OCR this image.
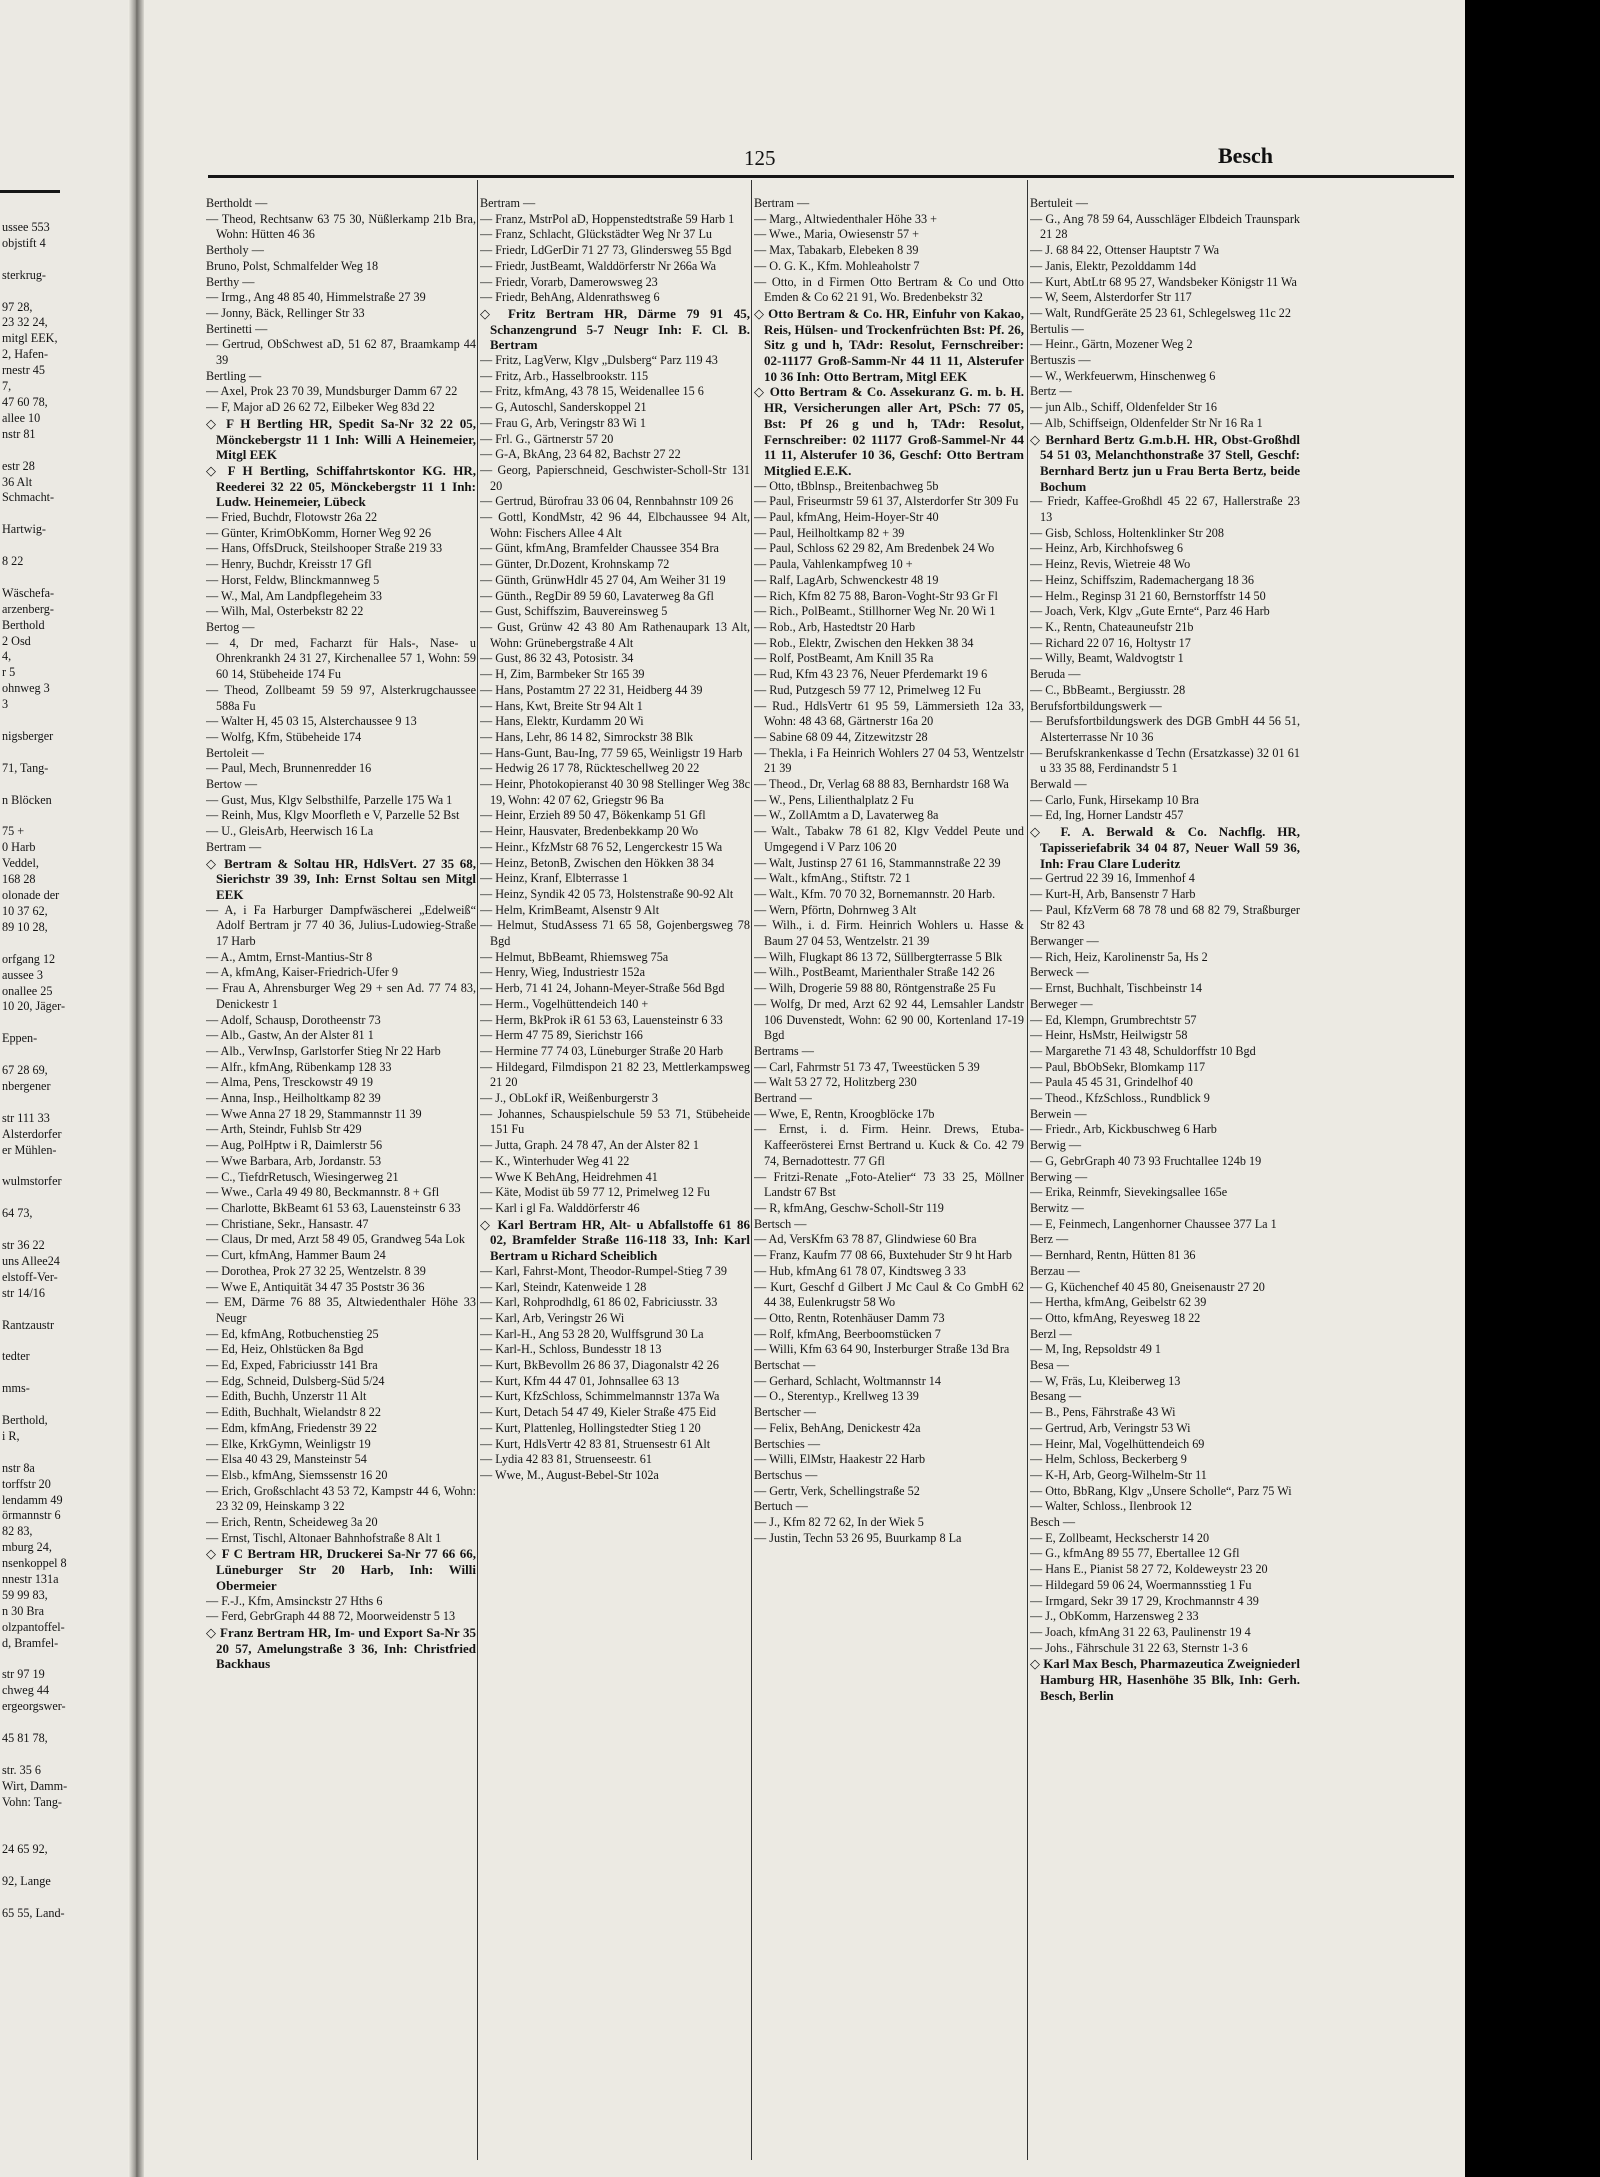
ussee 553
objstift 4

sterkrug-

97 28,
23 32 24,
mitgl EEK,
2, Hafen-
rnestr 45
7,
47 60 78,
allee 10
nstr 81

estr 28
36 Alt
Schmacht-

Hartwig-

8 22

Wäschefa-
arzenberg-
Berthold
2 Osd
4,
r 5
ohnweg 3
3

nigsberger

71, Tang-

n Blöcken

75 +
0 Harb
Veddel,
168 28
olonade der
10 37 62,
89 10 28,

orfgang 12
aussee 3
onallee 25
10 20, Jäger-

Eppen-

67 28 69,
nbergener

str 111 33
Alsterdorfer
er Mühlen-

wulmstorfer

64 73,

str 36 22
uns Allee24
elstoff-Ver-
str 14/16

Rantzaustr

tedter

mms-

Berthold,
i R,

nstr 8a
torffstr 20
lendamm 49
örmannstr 6
82 83,
mburg 24,
nsenkoppel 8
nnestr 131a
59 99 83,
n 30 Bra
olzpantoffel-
d, Bramfel-

str 97 19
chweg 44
ergeorgswer-

45 81 78,

str. 35 6
Wirt, Damm-
Vohn: Tang-

24 65 92,

92, Lange

65 55, Land-
125	Besch
Bertholdt —
— Theod, Rechtsanw 63 75 30, Nüßlerkamp 21b Bra, Wohn: Hütten 46 36
Bertholy —
Bruno, Polst, Schmalfelder Weg 18
Berthy —
— Irmg., Ang 48 85 40, Himmelstraße 27 39
— Jonny, Bäck, Rellinger Str 33
Bertinetti —
— Gertrud, ObSchwest aD, 51 62 87, Braamkamp 44 39
Bertling —
— Axel, Prok 23 70 39, Mundsburger Damm 67 22
— F, Major aD 26 62 72, Eilbeker Weg 83d 22
◇ F H Bertling HR, Spedit Sa-Nr 32 22 05, Mönckebergstr 11 1 Inh: Willi A Heinemeier, Mitgl EEK
◇ F H Bertling, Schiffahrtskontor KG. HR, Reederei 32 22 05, Mönckebergstr 11 1 Inh: Ludw. Heinemeier, Lübeck
— Fried, Buchdr, Flotowstr 26a 22
— Günter, KrimObKomm, Horner Weg 92 26
— Hans, OffsDruck, Steilshooper Straße 219 33
— Henry, Buchdr, Kreisstr 17 Gfl
— Horst, Feldw, Blinckmannweg 5
— W., Mal, Am Landpflegeheim 33
— Wilh, Mal, Osterbekstr 82 22
Bertog —
— 4, Dr med, Facharzt für Hals-, Nase- u Ohrenkrankh 24 31 27, Kirchenallee 57 1, Wohn: 59 60 14, Stübeheide 174 Fu
— Theod, Zollbeamt 59 59 97, Alsterkrugchaussee 588a Fu
— Walter H, 45 03 15, Alsterchaussee 9 13
— Wolfg, Kfm, Stübeheide 174
Bertoleit —
— Paul, Mech, Brunnenredder 16
Bertow —
— Gust, Mus, Klgv Selbsthilfe, Parzelle 175 Wa 1
— Reinh, Mus, Klgv Moorfleth e V, Parzelle 52 Bst
— U., GleisArb, Heerwisch 16 La
Bertram —
◇ Bertram & Soltau HR, HdlsVert. 27 35 68, Sierichstr 39 39, Inh: Ernst Soltau sen Mitgl EEK
— A, i Fa Harburger Dampfwäscherei „Edelweiß“ Adolf Bertram jr 77 40 36, Julius-Ludowieg-Straße 17 Harb
— A., Amtm, Ernst-Mantius-Str 8
— A, kfmAng, Kaiser-Friedrich-Ufer 9
— Frau A, Ahrensburger Weg 29 + sen Ad. 77 74 83, Denickestr 1
— Adolf, Schausp, Dorotheenstr 73
— Alb., Gastw, An der Alster 81 1
— Alb., VerwInsp, Garlstorfer Stieg Nr 22 Harb
— Alfr., kfmAng, Rübenkamp 128 33
— Alma, Pens, Tresckowstr 49 19
— Anna, Insp., Heilholtkamp 82 39
— Wwe Anna 27 18 29, Stammannstr 11 39
— Arth, Steindr, Fuhlsb Str 429
— Aug, PolHptw i R, Daimlerstr 56
— Wwe Barbara, Arb, Jordanstr. 53
— C., TiefdrRetusch, Wiesingerweg 21
— Wwe., Carla 49 49 80, Beckmannstr. 8 + Gfl
— Charlotte, BkBeamt 61 53 63, Lauensteinstr 6 33
— Christiane, Sekr., Hansastr. 47
— Claus, Dr med, Arzt 58 49 05, Grandweg 54a Lok
— Curt, kfmAng, Hammer Baum 24
— Dorothea, Prok 27 32 25, Wentzelstr. 8 39
— Wwe E, Antiquität 34 47 35 Poststr 36 36
— EM, Därme 76 88 35, Altwiedenthaler Höhe 33 Neugr
— Ed, kfmAng, Rotbuchenstieg 25
— Ed, Heiz, Ohlstücken 8a Bgd
— Ed, Exped, Fabriciusstr 141 Bra
— Edg, Schneid, Dulsberg-Süd 5/24
— Edith, Buchh, Unzerstr 11 Alt
— Edith, Buchhalt, Wielandstr 8 22
— Edm, kfmAng, Friedenstr 39 22
— Elke, KrkGymn, Weinligstr 19
— Elsa 40 43 29, Mansteinstr 54
— Elsb., kfmAng, Siemssenstr 16 20
— Erich, Großschlacht 43 53 72, Kampstr 44 6, Wohn: 23 32 09, Heinskamp 3 22
— Erich, Rentn, Scheideweg 3a 20
— Ernst, Tischl, Altonaer Bahnhofstraße 8 Alt 1
◇ F C Bertram HR, Druckerei Sa-Nr 77 66 66, Lüneburger Str 20 Harb, Inh: Willi Obermeier
— F.-J., Kfm, Amsinckstr 27 Hths 6
— Ferd, GebrGraph 44 88 72, Moorweidenstr 5 13
◇ Franz Bertram HR, Im- und Export Sa-Nr 35 20 57, Amelungstraße 3 36, Inh: Christfried Backhaus
Bertram —
— Franz, MstrPol aD, Hoppenstedtstraße 59 Harb 1
— Franz, Schlacht, Glückstädter Weg Nr 37 Lu
— Friedr, LdGerDir 71 27 73, Glindersweg 55 Bgd
— Friedr, JustBeamt, Walddörferstr Nr 266a Wa
— Friedr, Vorarb, Damerowsweg 23
— Friedr, BehAng, Aldenrathsweg 6
◇ Fritz Bertram HR, Därme 79 91 45, Schanzengrund 5-7 Neugr Inh: F. Cl. B. Bertram
— Fritz, LagVerw, Klgv „Dulsberg“ Parz 119 43
— Fritz, Arb., Hasselbrookstr. 115
— Fritz, kfmAng, 43 78 15, Weidenallee 15 6
— G, Autoschl, Sanderskoppel 21
— Frau G, Arb, Veringstr 83 Wi 1
— Frl. G., Gärtnerstr 57 20
— G-A, BkAng, 23 64 82, Bachstr 27 22
— Georg, Papierschneid, Geschwister-Scholl-Str 131 20
— Gertrud, Bürofrau 33 06 04, Rennbahnstr 109 26
— Gottl, KondMstr, 42 96 44, Elbchaussee 94 Alt, Wohn: Fischers Allee 4 Alt
— Günt, kfmAng, Bramfelder Chaussee 354 Bra
— Günter, Dr.Dozent, Krohnskamp 72
— Günth, GrünwHdlr 45 27 04, Am Weiher 31 19
— Günth., RegDir 89 59 60, Lavaterweg 8a Gfl
— Gust, Schiffszim, Bauvereinsweg 5
— Gust, Grünw 42 43 80 Am Rathenaupark 13 Alt, Wohn: Grünebergstraße 4 Alt
— Gust, 86 32 43, Potosistr. 34
— H, Zim, Barmbeker Str 165 39
— Hans, Postamtm 27 22 31, Heidberg 44 39
— Hans, Kwt, Breite Str 94 Alt 1
— Hans, Elektr, Kurdamm 20 Wi
— Hans, Lehr, 86 14 82, Simrockstr 38 Blk
— Hans-Gunt, Bau-Ing, 77 59 65, Weinligstr 19 Harb
— Hedwig 26 17 78, Rückteschellweg 20 22
— Heinr, Photokopieranst 40 30 98 Stellinger Weg 38c 19, Wohn: 42 07 62, Griegstr 96 Ba
— Heinr, Erzieh 89 50 47, Bökenkamp 51 Gfl
— Heinr, Hausvater, Bredenbekkamp 20 Wo
— Heinr., KfzMstr 68 76 52, Lengerckestr 15 Wa
— Heinz, BetonB, Zwischen den Hökken 38 34
— Heinz, Kranf, Elbterrasse 1
— Heinz, Syndik 42 05 73, Holstenstraße 90-92 Alt
— Helm, KrimBeamt, Alsenstr 9 Alt
— Helmut, StudAssess 71 65 58, Gojenbergsweg 78 Bgd
— Helmut, BbBeamt, Rhiemsweg 75a
— Henry, Wieg, Industriestr 152a
— Herb, 71 41 24, Johann-Meyer-Straße 56d Bgd
— Herm., Vogelhüttendeich 140 +
— Herm, BkProk iR 61 53 63, Lauensteinstr 6 33
— Herm 47 75 89, Sierichstr 166
— Hermine 77 74 03, Lüneburger Straße 20 Harb
— Hildegard, Filmdispon 21 82 23, Mettlerkampsweg 21 20
— J., ObLokf iR, Weißenburgerstr 3
— Johannes, Schauspielschule 59 53 71, Stübeheide 151 Fu
— Jutta, Graph. 24 78 47, An der Alster 82 1
— K., Winterhuder Weg 41 22
— Wwe K BehAng, Heidrehmen 41
— Käte, Modist üb 59 77 12, Primelweg 12 Fu
— Karl i gl Fa. Walddörferstr 46
◇ Karl Bertram HR, Alt- u Abfallstoffe 61 86 02, Bramfelder Straße 116-118 33, Inh: Karl Bertram u Richard Scheiblich
— Karl, Fahrst-Mont, Theodor-Rumpel-Stieg 7 39
— Karl, Steindr, Katenweide 1 28
— Karl, Rohprodhdlg, 61 86 02, Fabriciusstr. 33
— Karl, Arb, Veringstr 26 Wi
— Karl-H., Ang 53 28 20, Wulffsgrund 30 La
— Karl-H., Schloss, Bundesstr 18 13
— Kurt, BkBevollm 26 86 37, Diagonalstr 42 26
— Kurt, Kfm 44 47 01, Johnsallee 63 13
— Kurt, KfzSchloss, Schimmelmannstr 137a Wa
— Kurt, Detach 54 47 49, Kieler Straße 475 Eid
— Kurt, Plattenleg, Hollingstedter Stieg 1 20
— Kurt, HdlsVertr 42 83 81, Struensestr 61 Alt
— Lydia 42 83 81, Struenseestr. 61
— Wwe, M., August-Bebel-Str 102a
Bertram —
— Marg., Altwiedenthaler Höhe 33 +
— Wwe., Maria, Owiesenstr 57 +
— Max, Tabakarb, Elebeken 8 39
— O. G. K., Kfm. Mohleaholstr 7
— Otto, in d Firmen Otto Bertram & Co und Otto Emden & Co 62 21 91, Wo. Bredenbekstr 32
◇ Otto Bertram & Co. HR, Einfuhr von Kakao, Reis, Hülsen- und Trockenfrüchten Bst: Pf. 26, Sitz g und h, TAdr: Resolut, Fernschreiber: 02-11177 Groß-Samm-Nr 44 11 11, Alsterufer 10 36 Inh: Otto Bertram, Mitgl EEK
◇ Otto Bertram & Co. Assekuranz G. m. b. H. HR, Versicherungen aller Art, PSch: 77 05, Bst: Pf 26 g und h, TAdr: Resolut, Fernschreiber: 02 11177 Groß-Sammel-Nr 44 11 11, Alsterufer 10 36, Geschf: Otto Bertram Mitglied E.E.K.
— Otto, tBblnsp., Breitenbachweg 5b
— Paul, Friseurmstr 59 61 37, Alsterdorfer Str 309 Fu
— Paul, kfmAng, Heim-Hoyer-Str 40
— Paul, Heilholtkamp 82 + 39
— Paul, Schloss 62 29 82, Am Bredenbek 24 Wo
— Paula, Vahlenkampfweg 10 +
— Ralf, LagArb, Schwenckestr 48 19
— Rich, Kfm 82 75 88, Baron-Voght-Str 93 Gr Fl
— Rich., PolBeamt., Stillhorner Weg Nr. 20 Wi 1
— Rob., Arb, Hastedtstr 20 Harb
— Rob., Elektr, Zwischen den Hekken 38 34
— Rolf, PostBeamt, Am Knill 35 Ra
— Rud, Kfm 43 23 76, Neuer Pferdemarkt 19 6
— Rud, Putzgesch 59 77 12, Primelweg 12 Fu
— Rud., HdlsVertr 61 95 59, Lämmersieth 12a 33, Wohn: 48 43 68, Gärtnerstr 16a 20
— Sabine 68 09 44, Zitzewitzstr 28
— Thekla, i Fa Heinrich Wohlers 27 04 53, Wentzelstr 21 39
— Theod., Dr, Verlag 68 88 83, Bernhardstr 168 Wa
— W., Pens, Lilienthalplatz 2 Fu
— W., ZollAmtm a D, Lavaterweg 8a
— Walt., Tabakw 78 61 82, Klgv Veddel Peute und Umgegend i V Parz 106 20
— Walt, Justinsp 27 61 16, Stammannstraße 22 39
— Walt., kfmAng., Stiftstr. 72 1
— Walt., Kfm. 70 70 32, Bornemannstr. 20 Harb.
— Wern, Pförtn, Dohrnweg 3 Alt
— Wilh., i. d. Firm. Heinrich Wohlers u. Hasse & Baum 27 04 53, Wentzelstr. 21 39
— Wilh, Flugkapt 86 13 72, Süllbergterrasse 5 Blk
— Wilh., PostBeamt, Marienthaler Straße 142 26
— Wilh, Drogerie 59 88 80, Röntgenstraße 25 Fu
— Wolfg, Dr med, Arzt 62 92 44, Lemsahler Landstr 106 Duvenstedt, Wohn: 62 90 00, Kortenland 17-19 Bgd
Bertrams —
— Carl, Fahrmstr 51 73 47, Tweestücken 5 39
— Walt 53 27 72, Holitzberg 230
Bertrand —
— Wwe, E, Rentn, Kroogblöcke 17b
— Ernst, i. d. Firm. Heinr. Drews, Etuba-Kaffeerösterei Ernst Bertrand u. Kuck & Co. 42 79 74, Bernadottestr. 77 Gfl
— Fritzi-Renate „Foto-Atelier“ 73 33 25, Möllner Landstr 67 Bst
— R, kfmAng, Geschw-Scholl-Str 119
Bertsch —
— Ad, VersKfm 63 78 87, Glindwiese 60 Bra
— Franz, Kaufm 77 08 66, Buxtehuder Str 9 ht Harb
— Hub, kfmAng 61 78 07, Kindtsweg 3 33
— Kurt, Geschf d Gilbert J Mc Caul & Co GmbH 62 44 38, Eulenkrugstr 58 Wo
— Otto, Rentn, Rotenhäuser Damm 73
— Rolf, kfmAng, Beerboomstücken 7
— Willi, Kfm 63 64 90, Insterburger Straße 13d Bra
Bertschat —
— Gerhard, Schlacht, Woltmannstr 14
— O., Sterentyp., Krellweg 13 39
Bertscher —
— Felix, BehAng, Denickestr 42a
Bertschies —
— Willi, ElMstr, Haakestr 22 Harb
Bertschus —
— Gertr, Verk, Schellingstraße 52
Bertuch —
— J., Kfm 82 72 62, In der Wiek 5
— Justin, Techn 53 26 95, Buurkamp 8 La
Bertuleit —
— G., Ang 78 59 64, Ausschläger Elbdeich Traunspark 21 28
— J. 68 84 22, Ottenser Hauptstr 7 Wa
— Janis, Elektr, Pezolddamm 14d
— Kurt, AbtLtr 68 95 27, Wandsbeker Königstr 11 Wa
— W, Seem, Alsterdorfer Str 117
— Walt, RundfGeräte 25 23 61, Schlegelsweg 11c 22
Bertulis —
— Heinr., Gärtn, Mozener Weg 2
Bertuszis —
— W., Werkfeuerwm, Hinschenweg 6
Bertz —
— jun Alb., Schiff, Oldenfelder Str 16
— Alb, Schiffseign, Oldenfelder Str Nr 16 Ra 1
◇ Bernhard Bertz G.m.b.H. HR, Obst-Großhdl 54 51 03, Melanchthonstraße 37 Stell, Geschf: Bernhard Bertz jun u Frau Berta Bertz, beide Bochum
— Friedr, Kaffee-Großhdl 45 22 67, Hallerstraße 23 13
— Gisb, Schloss, Holtenklinker Str 208
— Heinz, Arb, Kirchhofsweg 6
— Heinz, Revis, Wietreie 48 Wo
— Heinz, Schiffszim, Rademachergang 18 36
— Helm., Reginsp 31 21 60, Bernstorffstr 14 50
— Joach, Verk, Klgv „Gute Ernte“, Parz 46 Harb
— K., Rentn, Chateauneufstr 21b
— Richard 22 07 16, Holtystr 17
— Willy, Beamt, Waldvogtstr 1
Beruda —
— C., BbBeamt., Bergiusstr. 28
Berufsfortbildungswerk —
— Berufsfortbildungswerk des DGB GmbH 44 56 51, Alsterterrasse Nr 10 36
— Berufskrankenkasse d Techn (Ersatzkasse) 32 01 61 u 33 35 88, Ferdinandstr 5 1
Berwald —
— Carlo, Funk, Hirsekamp 10 Bra
— Ed, Ing, Horner Landstr 457
◇ F. A. Berwald & Co. Nachflg. HR, Tapisseriefabrik 34 04 87, Neuer Wall 59 36, Inh: Frau Clare Luderitz
— Gertrud 22 39 16, Immenhof 4
— Kurt-H, Arb, Bansenstr 7 Harb
— Paul, KfzVerm 68 78 78 und 68 82 79, Straßburger Str 82 43
Berwanger —
— Rich, Heiz, Karolinenstr 5a, Hs 2
Berweck —
— Ernst, Buchhalt, Tischbeinstr 14
Berweger —
— Ed, Klempn, Grumbrechtstr 57
— Heinr, HsMstr, Heilwigstr 58
— Margarethe 71 43 48, Schuldorffstr 10 Bgd
— Paul, BbObSekr, Blomkamp 117
— Paula 45 45 31, Grindelhof 40
— Theod., KfzSchloss., Rundblick 9
Berwein —
— Friedr., Arb, Kickbuschweg 6 Harb
Berwig —
— G, GebrGraph 40 73 93 Fruchtallee 124b 19
Berwing —
— Erika, Reinmfr, Sievekingsallee 165e
Berwitz —
— E, Feinmech, Langenhorner Chaussee 377 La 1
Berz —
— Bernhard, Rentn, Hütten 81 36
Berzau —
— G, Küchenchef 40 45 80, Gneisenaustr 27 20
— Hertha, kfmAng, Geibelstr 62 39
— Otto, kfmAng, Reyesweg 18 22
Berzl —
— M, Ing, Repsoldstr 49 1
Besa —
— W, Fräs, Lu, Kleiberweg 13
Besang —
— B., Pens, Fährstraße 43 Wi
— Gertrud, Arb, Veringstr 53 Wi
— Heinr, Mal, Vogelhüttendeich 69
— Helm, Schloss, Beckerberg 9
— K-H, Arb, Georg-Wilhelm-Str 11
— Otto, BbRang, Klgv „Unsere Scholle“, Parz 75 Wi
— Walter, Schloss., Ilenbrook 12
Besch —
— E, Zollbeamt, Heckscherstr 14 20
— G., kfmAng 89 55 77, Ebertallee 12 Gfl
— Hans E., Pianist 58 27 72, Koldeweystr 23 20
— Hildegard 59 06 24, Woermannsstieg 1 Fu
— Irmgard, Sekr 39 17 29, Krochmannstr 4 39
— J., ObKomm, Harzensweg 2 33
— Joach, kfmAng 31 22 63, Paulinenstr 19 4
— Johs., Fährschule 31 22 63, Sternstr 1-3 6
◇ Karl Max Besch, Pharmazeutica Zweigniederl Hamburg HR, Hasenhöhe 35 Blk, Inh: Gerh. Besch, Berlin
